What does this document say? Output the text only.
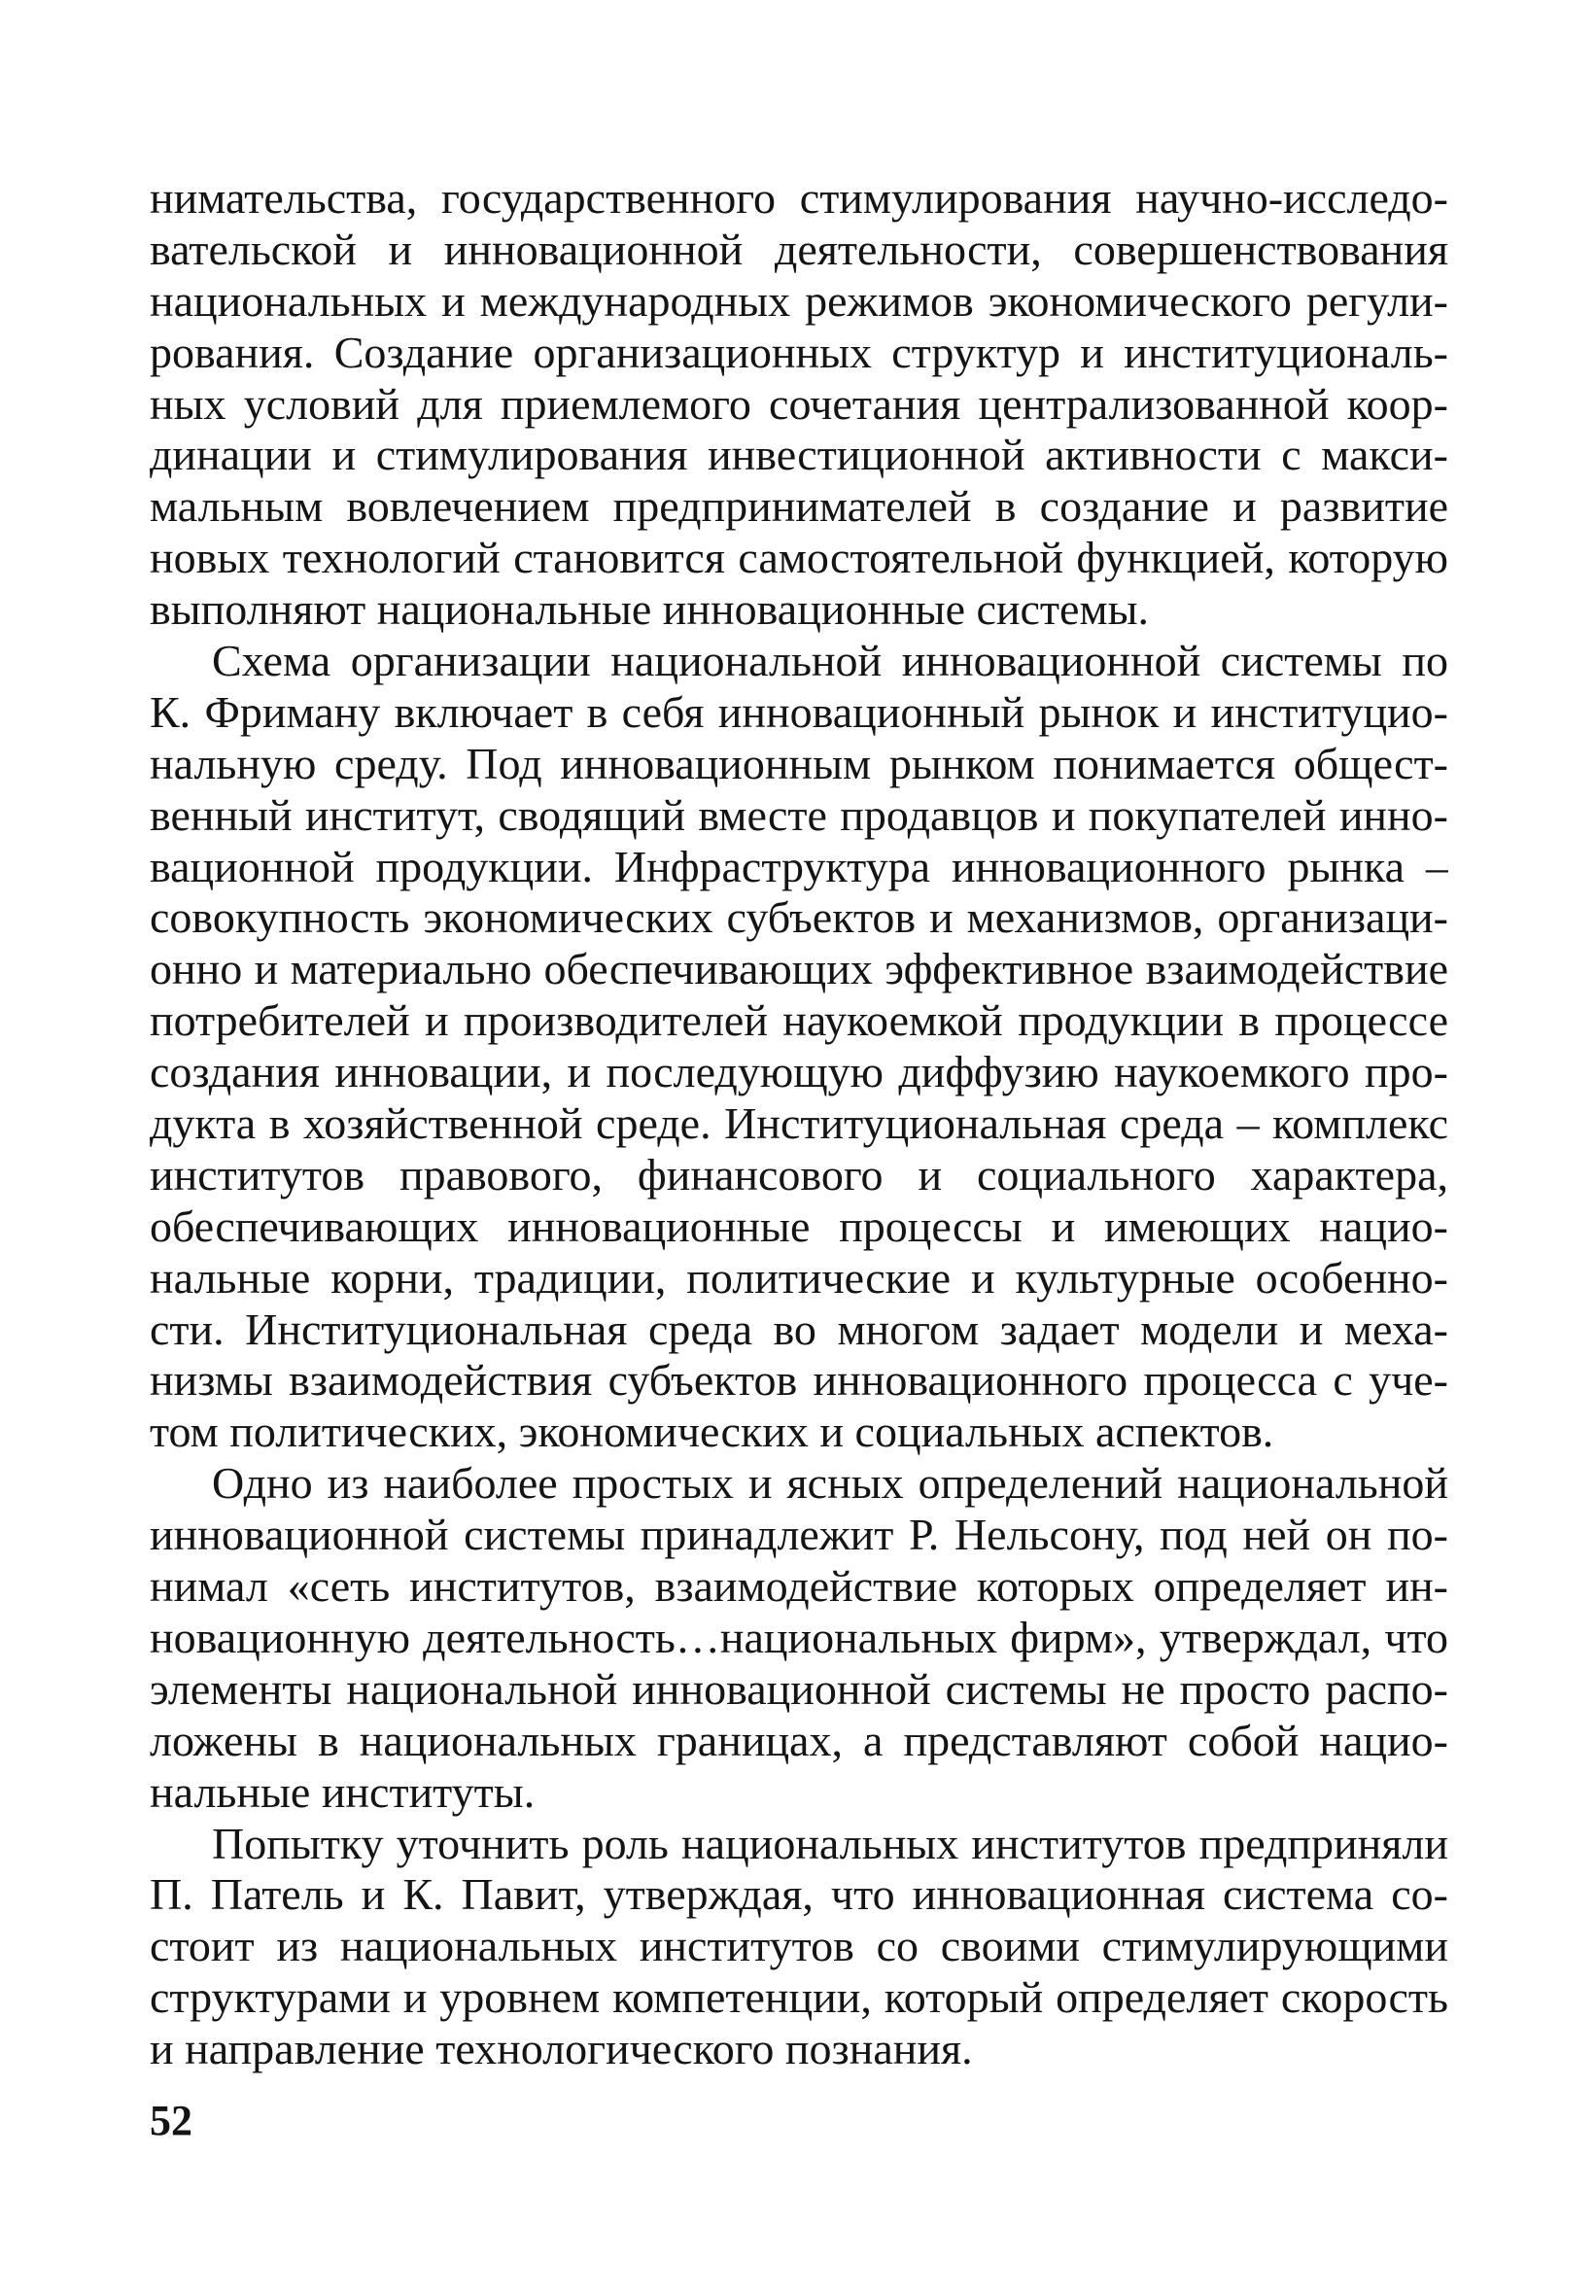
нимательства, государственного стимулирования научно-исследо-
вательской и инновационной деятельности, совершенствования
национальных и международных режимов экономического регули-
рования. Создание организационных структур и институциональ-
ных условий для приемлемого сочетания централизованной коор-
динации и стимулирования инвестиционной активности с макси-
мальным вовлечением предпринимателей в создание и развитие
новых технологий становится самостоятельной функцией, которую
выполняют национальные инновационные системы.
Схема организации национальной инновационной системы по
К. Фриману включает в себя инновационный рынок и институцио-
нальную среду. Под инновационным рынком понимается общест-
венный институт, сводящий вместе продавцов и покупателей инно-
вационной продукции. Инфраструктура инновационного рынка –
совокупность экономических субъектов и механизмов, организаци-
онно и материально обеспечивающих эффективное взаимодействие
потребителей и производителей наукоемкой продукции в процессе
создания инновации, и последующую диффузию наукоемкого про-
дукта в хозяйственной среде. Институциональная среда – комплекс
институтов правового, финансового и социального характера,
обеспечивающих инновационные процессы и имеющих нацио-
нальные корни, традиции, политические и культурные особенно-
сти. Институциональная среда во многом задает модели и меха-
низмы взаимодействия субъектов инновационного процесса с уче-
том политических, экономических и социальных аспектов.
Одно из наиболее простых и ясных определений национальной
инновационной системы принадлежит Р. Нельсону, под ней он по-
нимал «сеть институтов, взаимодействие которых определяет ин-
новационную деятельность…национальных фирм», утверждал, что
элементы национальной инновационной системы не просто распо-
ложены в национальных границах, а представляют собой нацио-
нальные институты.
Попытку уточнить роль национальных институтов предприняли
П. Патель и К. Павит, утверждая, что инновационная система со-
стоит из национальных институтов со своими стимулирующими
структурами и уровнем компетенции, который определяет скорость
и направление технологического познания.
52
